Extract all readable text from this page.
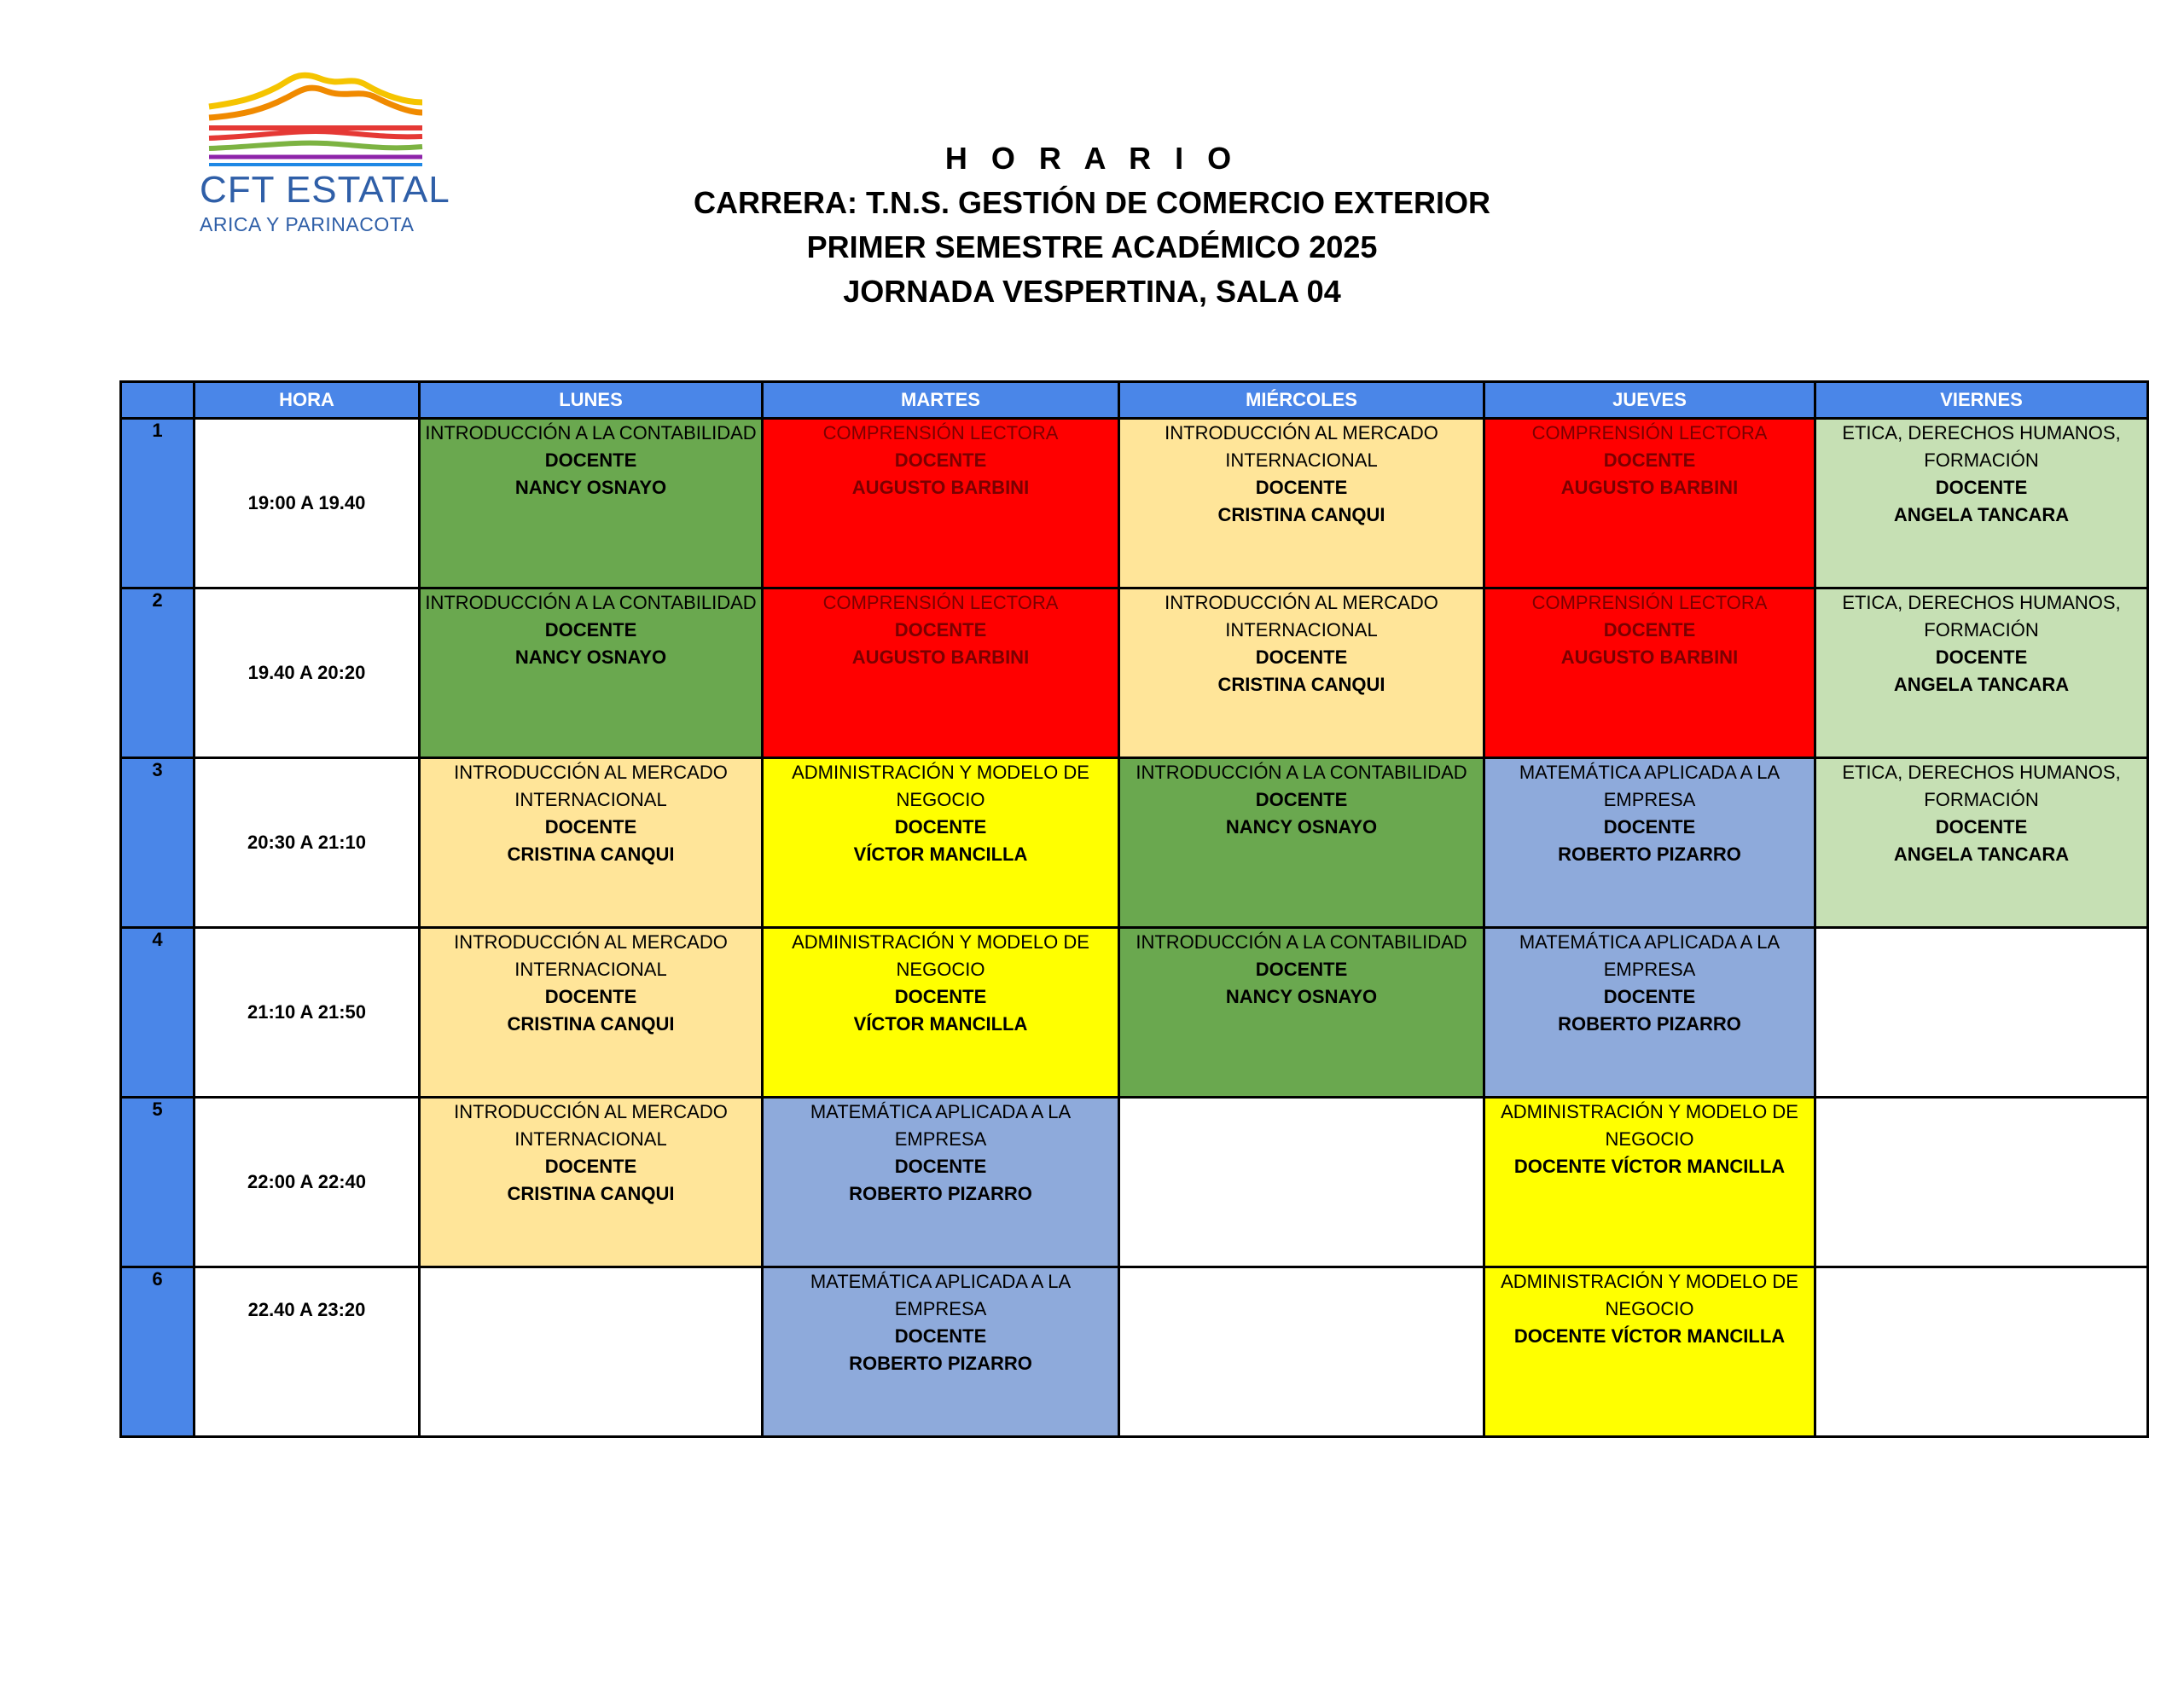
CFT ESTATAL
ARICA Y PARINACOTA
H O R A R I O
CARRERA: T.N.S. GESTIÓN DE COMERCIO EXTERIOR
PRIMER SEMESTRE ACADÉMICO 2025
JORNADA VESPERTINA, SALA 04
	HORA	LUNES	MARTES	MIÉRCOLES	JUEVES	VIERNES
1	19:00 A 19.40	INTRODUCCIÓN A LA CONTABILIDAD
DOCENTE
NANCY OSNAYO	COMPRENSIÓN LECTORA
DOCENTE
AUGUSTO BARBINI	INTRODUCCIÓN AL MERCADO INTERNACIONAL
DOCENTE
CRISTINA CANQUI	COMPRENSIÓN LECTORA
DOCENTE
AUGUSTO BARBINI	ETICA, DERECHOS HUMANOS, FORMACIÓN
DOCENTE
ANGELA TANCARA

2	19.40 A 20:20	INTRODUCCIÓN A LA CONTABILIDAD
DOCENTE
NANCY OSNAYO	COMPRENSIÓN LECTORA
DOCENTE
AUGUSTO BARBINI	INTRODUCCIÓN AL MERCADO INTERNACIONAL
DOCENTE
CRISTINA CANQUI	COMPRENSIÓN LECTORA
DOCENTE
AUGUSTO BARBINI	ETICA, DERECHOS HUMANOS, FORMACIÓN
DOCENTE
ANGELA TANCARA

3	20:30 A 21:10	INTRODUCCIÓN AL MERCADO INTERNACIONAL
DOCENTE
CRISTINA CANQUI	ADMINISTRACIÓN Y MODELO DE NEGOCIO
DOCENTE
VÍCTOR MANCILLA	INTRODUCCIÓN A LA CONTABILIDAD
DOCENTE
NANCY OSNAYO	MATEMÁTICA APLICADA A LA EMPRESA
DOCENTE
ROBERTO PIZARRO	ETICA, DERECHOS HUMANOS, FORMACIÓN
DOCENTE
ANGELA TANCARA

4	21:10 A 21:50	INTRODUCCIÓN AL MERCADO INTERNACIONAL
DOCENTE
CRISTINA CANQUI	ADMINISTRACIÓN Y MODELO DE NEGOCIO
DOCENTE
VÍCTOR MANCILLA	INTRODUCCIÓN A LA CONTABILIDAD
DOCENTE
NANCY OSNAYO	MATEMÁTICA APLICADA A LA EMPRESA
DOCENTE
ROBERTO PIZARRO	

5	22:00 A 22:40	INTRODUCCIÓN AL MERCADO INTERNACIONAL
DOCENTE
CRISTINA CANQUI	MATEMÁTICA APLICADA A LA EMPRESA
DOCENTE
ROBERTO PIZARRO		ADMINISTRACIÓN Y MODELO DE NEGOCIO
DOCENTE VÍCTOR MANCILLA	

6	22.40 A 23:20		MATEMÁTICA APLICADA A LA EMPRESA
DOCENTE
ROBERTO PIZARRO		ADMINISTRACIÓN Y MODELO DE NEGOCIO
DOCENTE VÍCTOR MANCILLA	
